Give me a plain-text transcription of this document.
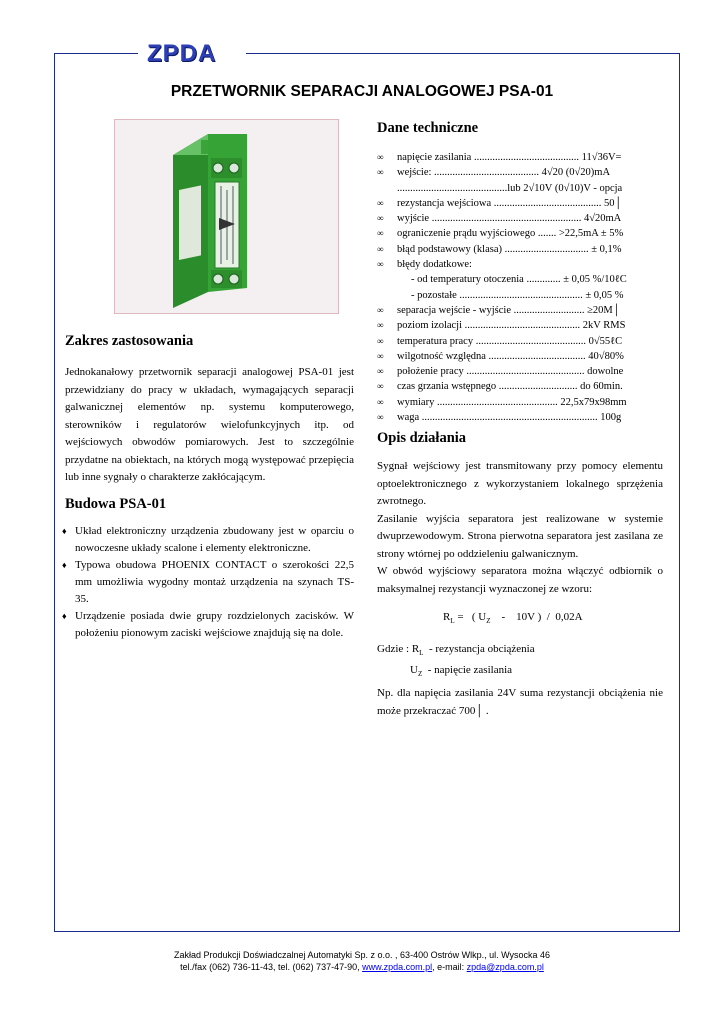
ZPDA
PRZETWORNIK SEPARACJI ANALOGOWEJ PSA-01
Zakres zastosowania

Jednokanałowy przetwornik separacji analogowej PSA-01 jest przewidziany do pracy w układach, wymagających separacji galwanicznej elementów np. systemu komputerowego, sterowników i regulatorów wielofunkcyjnych itp. od wejściowych obwodów pomiarowych. Jest to szczególnie przydatne na obiektach, na których mogą występować przepięcia lub inne sygnały o charakterze zakłócającym.

Budowa PSA-01
♦ Układ elektroniczny urządzenia zbudowany jest w oparciu o nowoczesne układy scalone i elementy elektroniczne.
♦ Typowa obudowa PHOENIX CONTACT o szerokości 22,5 mm umożliwia wygodny montaż urządzenia na szynach TS-35.
♦ Urządzenie posiada dwie grupy rozdzielonych zacisków. W położeniu pionowym zaciski wejściowe znajdują się na dole.
Dane techniczne
∞ napięcie zasilania ........................................ 11√36V=
∞ wejście: ........................................ 4√20 (0√20)mA
..........................................lub 2√10V (0√10)V - opcja
∞ rezystancja wejściowa ......................................... 50│
∞ wyjście ......................................................... 4√20mA
∞ ograniczenie prądu wyjściowego ....... >22,5mA ± 5%
∞ błąd podstawowy (klasa) ................................ ± 0,1%
∞ błędy dodatkowe:
- od temperatury otoczenia ............. ± 0,05 %/10ℓC
- pozostałe ............................................... ± 0,05 %
∞ separacja wejście - wyjście ........................... ≥20M│
∞ poziom izolacji ............................................ 2kV RMS
∞ temperatura pracy .......................................... 0√55ℓC
∞ wilgotność względna ..................................... 40√80%
∞ położenie pracy ............................................. dowolne
∞ czas grzania wstępnego .............................. do 60min.
∞ wymiary .............................................. 22,5x79x98mm
∞ waga ................................................................... 100g
Opis działania

Sygnał wejściowy jest transmitowany przy pomocy elementu optoelektronicznego z wykorzystaniem lokalnego sprzężenia zwrotnego.

Zasilanie wyjścia separatora jest realizowane w systemie dwuprzewodowym. Strona pierwotna separatora jest zasilana ze strony wtórnej po oddzieleniu galwanicznym.

W obwód wyjściowy separatora można włączyć odbiornik o maksymalnej rezystancji wyznaczonej ze wzoru:

$R_L$ =   ( $U_Z$    -    10V )  /  0,02A
Gdzie : $R_L$  - rezystancja obciążenia
$U_Z$  - napięcie zasilania

Np. dla napięcia zasilania 24V suma rezystancji obciążenia nie może przekraczać 700│ .

Zakład Produkcji Doświadczalnej Automatyki Sp. z o.o. , 63-400 Ostrów Wlkp., ul. Wysocka 46
tel./fax (062) 736-11-43, tel. (062) 737-47-90, www.zpda.com.pl, e-mail: zpda@zpda.com.pl
